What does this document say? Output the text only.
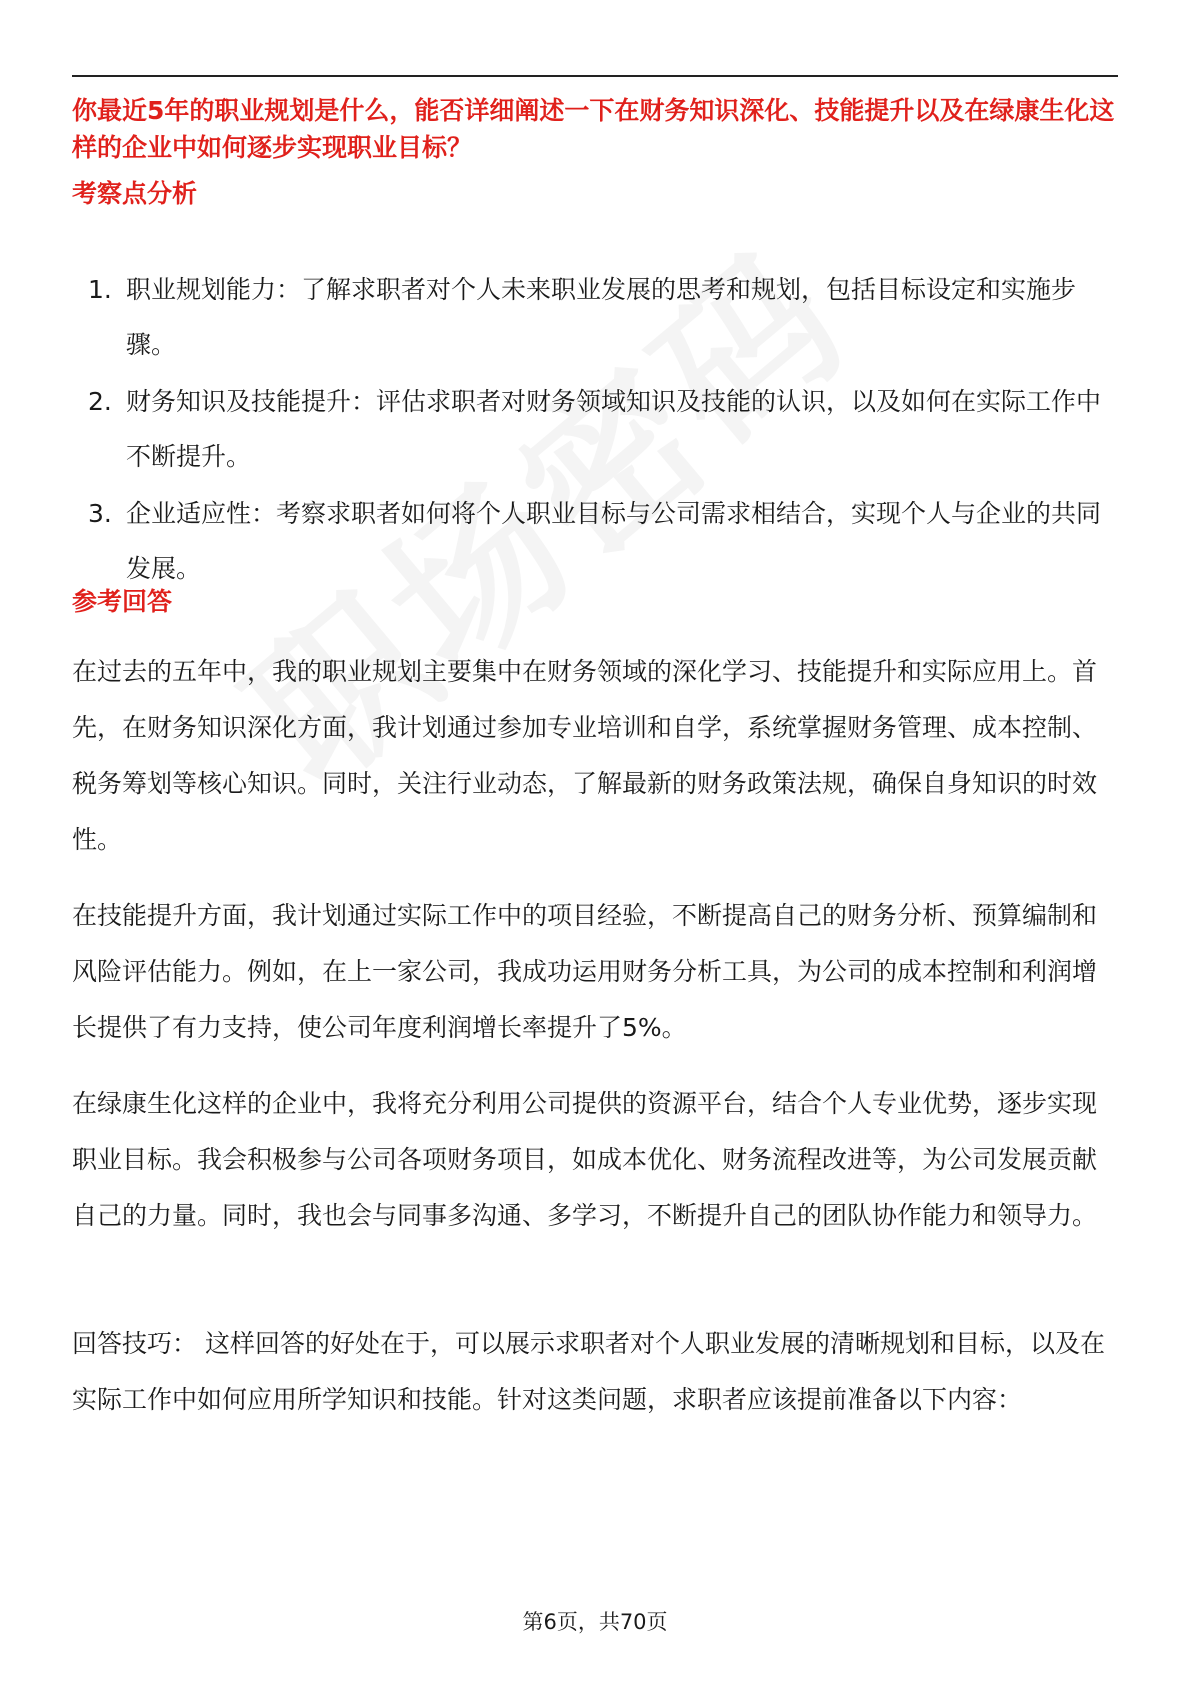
你最近5年的职业规划是什么，能否详细阐述一下在财务知识深化、技能提升以及在绿康生化这样的企业中如何逐步实现职业目标？

考察点分析
1. 职业规划能力：了解求职者对个人未来职业发展的思考和规划，包括目标设定和实施步骤。
2. 财务知识及技能提升：评估求职者对财务领域知识及技能的认识，以及如何在实际工作中不断提升。
3. 企业适应性：考察求职者如何将个人职业目标与公司需求相结合，实现个人与企业的共同发展。
参考回答

在过去的五年中，我的职业规划主要集中在财务领域的深化学习、技能提升和实际应用上。首先，在财务知识深化方面，我计划通过参加专业培训和自学，系统掌握财务管理、成本控制、税务筹划等核心知识。同时，关注行业动态，了解最新的财务政策法规，确保自身知识的时效性。

在技能提升方面，我计划通过实际工作中的项目经验，不断提高自己的财务分析、预算编制和风险评估能力。例如，在上一家公司，我成功运用财务分析工具，为公司的成本控制和利润增长提供了有力支持，使公司年度利润增长率提升了5%。

在绿康生化这样的企业中，我将充分利用公司提供的资源平台，结合个人专业优势，逐步实现职业目标。我会积极参与公司各项财务项目，如成本优化、财务流程改进等，为公司发展贡献自己的力量。同时，我也会与同事多沟通、多学习，不断提升自己的团队协作能力和领导力。

回答技巧： 这样回答的好处在于，可以展示求职者对个人职业发展的清晰规划和目标，以及在实际工作中如何应用所学知识和技能。针对这类问题，求职者应该提前准备以下内容：

第6页，共70页
